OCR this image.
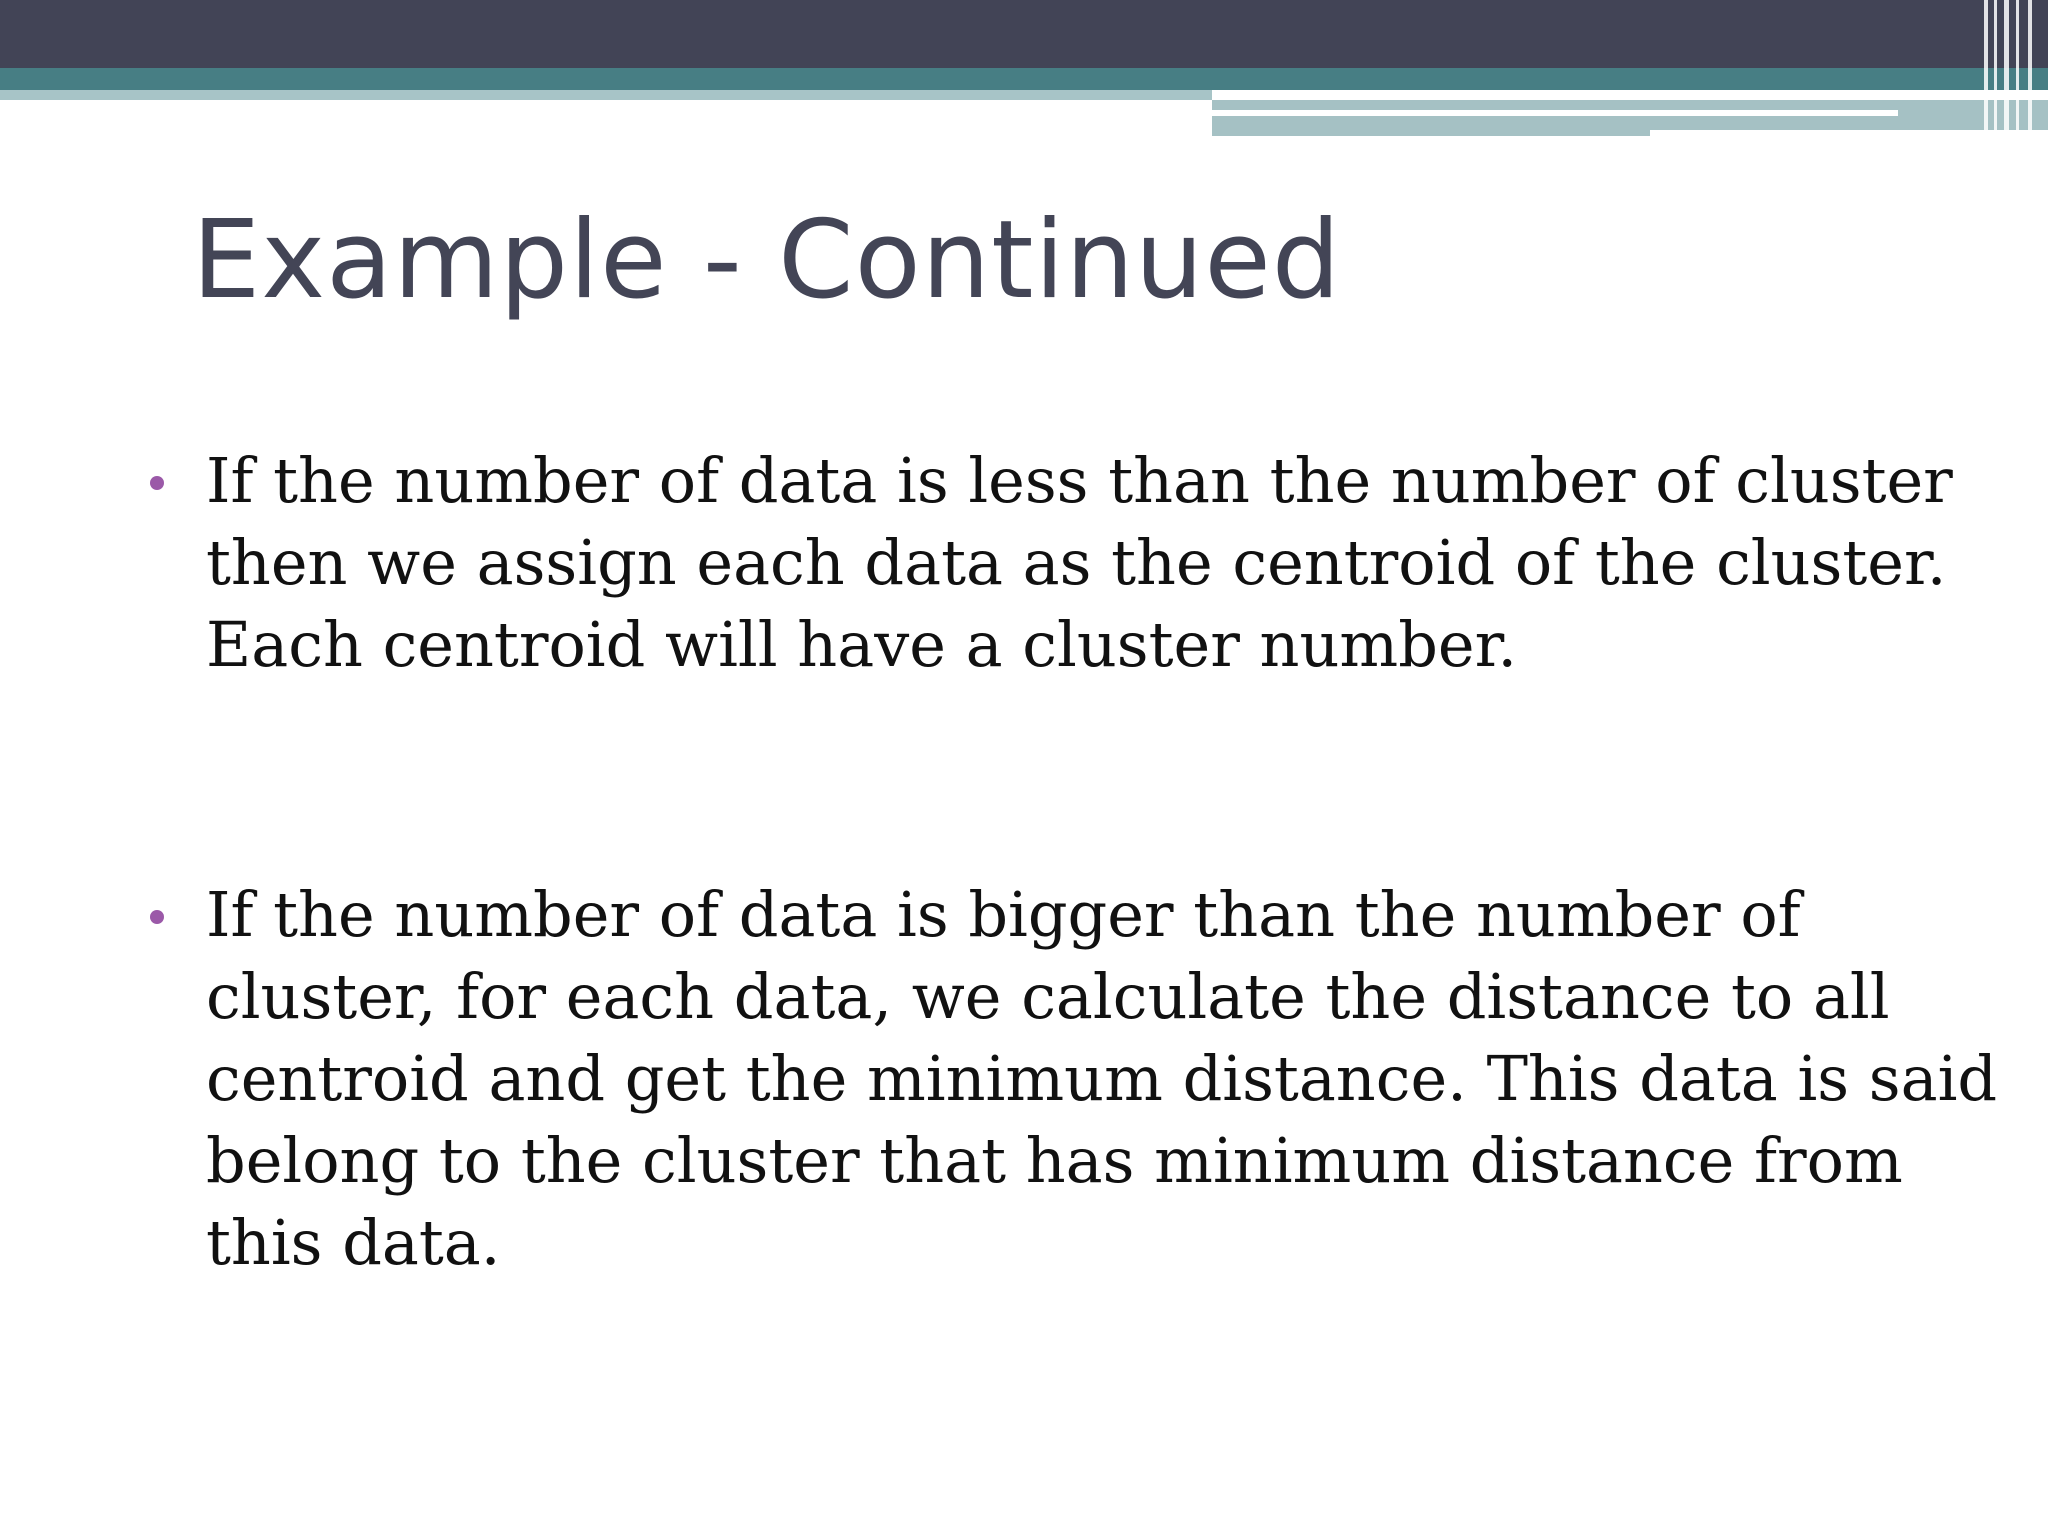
Example - Continued

If the number of data is less than the number of cluster
then we assign each data as the centroid of the cluster.
Each centroid will have a cluster number.

If the number of data is bigger than the number of
cluster, for each data, we calculate the distance to all
centroid and get the minimum distance. This data is said
belong to the cluster that has minimum distance from
this data.
